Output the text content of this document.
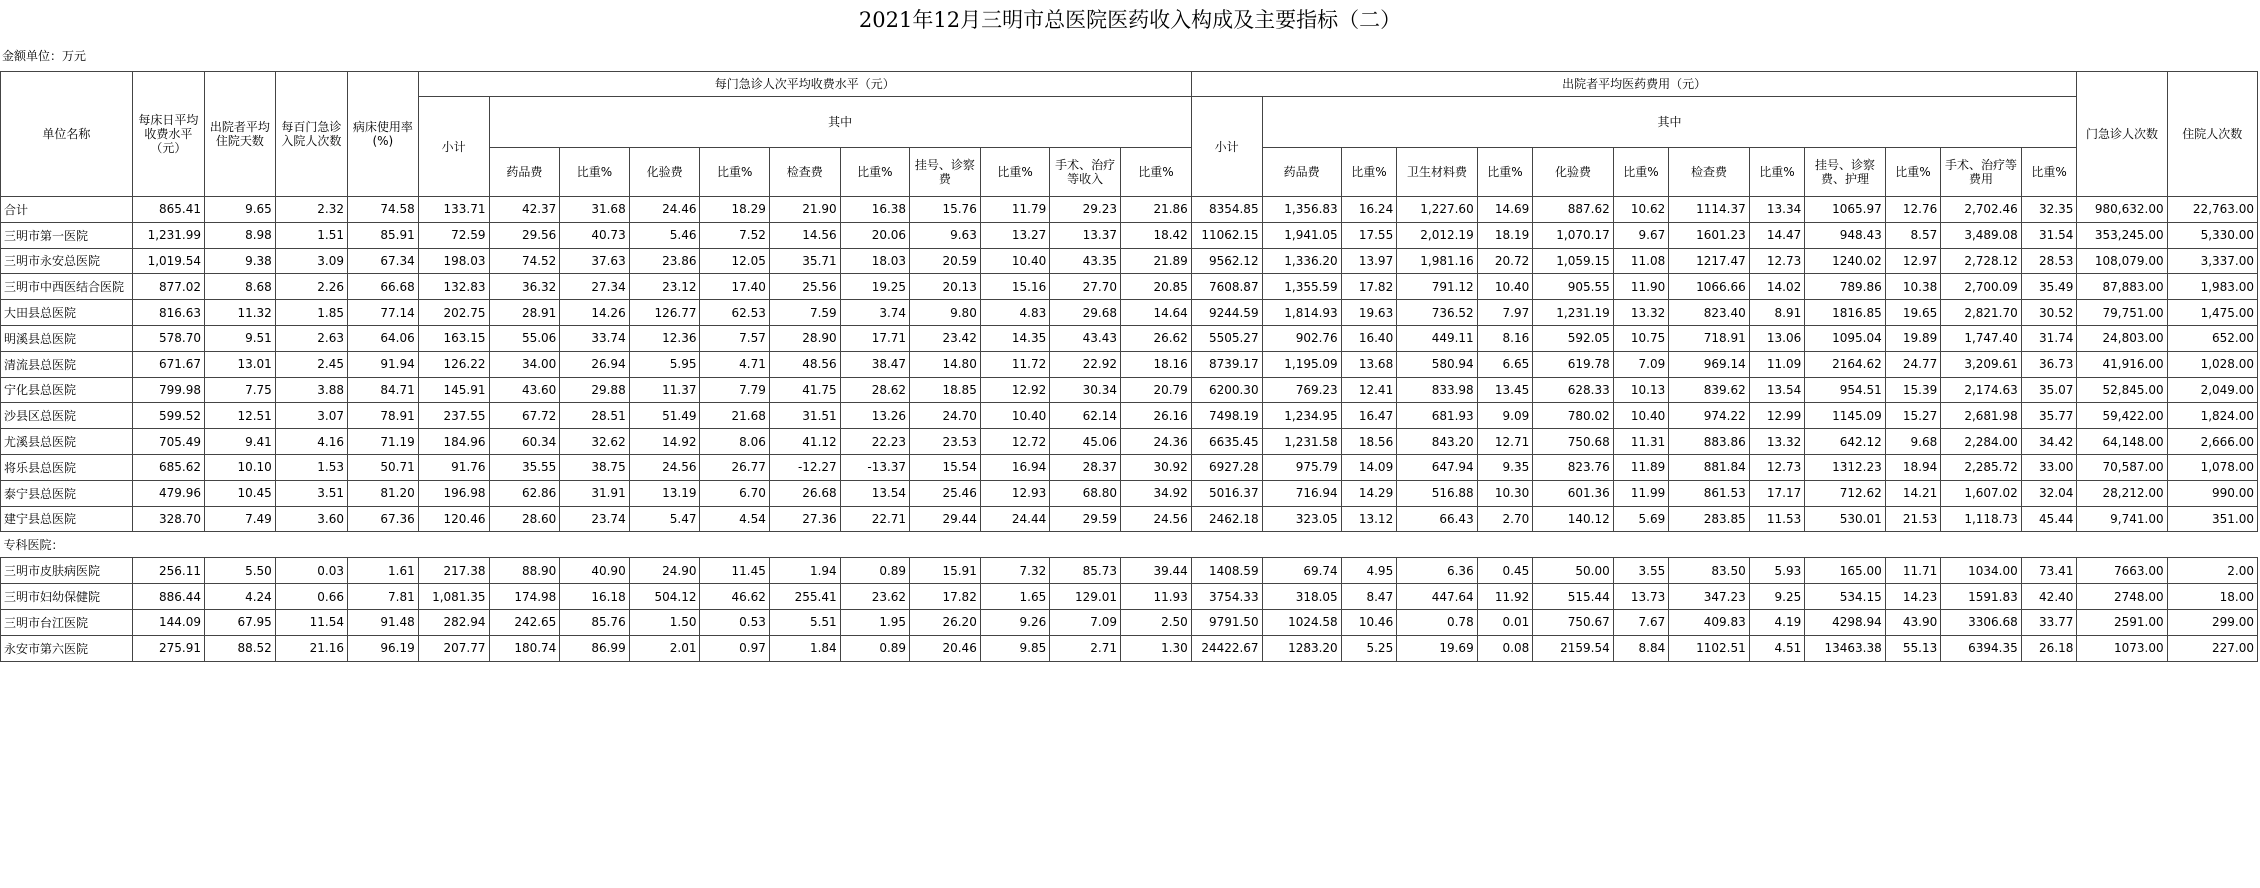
2021年12月三明市总医院医药收入构成及主要指标（二）
金额单位：万元
单位名称	每床日平均收费水平（元）	出院者平均住院天数	每百门急诊入院人次数	病床使用率(%)	每门急诊人次平均收费水平（元）											出院者平均医药费用（元）													门急诊人次数	住院人次数
					小计	其中										小计	其中													
						药品费	比重%	化验费	比重%	检查费	比重%	挂号、诊察费	比重%	手术、治疗等收入	比重%		药品费	比重%	卫生材料费	比重%	化验费	比重%	检查费	比重%	挂号、诊察费、护理	比重%	手术、治疗等费用	比重%		
合计	865.41	9.65	2.32	74.58	133.71	42.37	31.68	24.46	18.29	21.90	16.38	15.76	11.79	29.23	21.86	8354.85	1,356.83	16.24	1,227.60	14.69	887.62	10.62	1114.37	13.34	1065.97	12.76	2,702.46	32.35	980,632.00	22,763.00
三明市第一医院	1,231.99	8.98	1.51	85.91	72.59	29.56	40.73	5.46	7.52	14.56	20.06	9.63	13.27	13.37	18.42	11062.15	1,941.05	17.55	2,012.19	18.19	1,070.17	9.67	1601.23	14.47	948.43	8.57	3,489.08	31.54	353,245.00	5,330.00
三明市永安总医院	1,019.54	9.38	3.09	67.34	198.03	74.52	37.63	23.86	12.05	35.71	18.03	20.59	10.40	43.35	21.89	9562.12	1,336.20	13.97	1,981.16	20.72	1,059.15	11.08	1217.47	12.73	1240.02	12.97	2,728.12	28.53	108,079.00	3,337.00
三明市中西医结合医院	877.02	8.68	2.26	66.68	132.83	36.32	27.34	23.12	17.40	25.56	19.25	20.13	15.16	27.70	20.85	7608.87	1,355.59	17.82	791.12	10.40	905.55	11.90	1066.66	14.02	789.86	10.38	2,700.09	35.49	87,883.00	1,983.00
大田县总医院	816.63	11.32	1.85	77.14	202.75	28.91	14.26	126.77	62.53	7.59	3.74	9.80	4.83	29.68	14.64	9244.59	1,814.93	19.63	736.52	7.97	1,231.19	13.32	823.40	8.91	1816.85	19.65	2,821.70	30.52	79,751.00	1,475.00
明溪县总医院	578.70	9.51	2.63	64.06	163.15	55.06	33.74	12.36	7.57	28.90	17.71	23.42	14.35	43.43	26.62	5505.27	902.76	16.40	449.11	8.16	592.05	10.75	718.91	13.06	1095.04	19.89	1,747.40	31.74	24,803.00	652.00
清流县总医院	671.67	13.01	2.45	91.94	126.22	34.00	26.94	5.95	4.71	48.56	38.47	14.80	11.72	22.92	18.16	8739.17	1,195.09	13.68	580.94	6.65	619.78	7.09	969.14	11.09	2164.62	24.77	3,209.61	36.73	41,916.00	1,028.00
宁化县总医院	799.98	7.75	3.88	84.71	145.91	43.60	29.88	11.37	7.79	41.75	28.62	18.85	12.92	30.34	20.79	6200.30	769.23	12.41	833.98	13.45	628.33	10.13	839.62	13.54	954.51	15.39	2,174.63	35.07	52,845.00	2,049.00
沙县区总医院	599.52	12.51	3.07	78.91	237.55	67.72	28.51	51.49	21.68	31.51	13.26	24.70	10.40	62.14	26.16	7498.19	1,234.95	16.47	681.93	9.09	780.02	10.40	974.22	12.99	1145.09	15.27	2,681.98	35.77	59,422.00	1,824.00
尤溪县总医院	705.49	9.41	4.16	71.19	184.96	60.34	32.62	14.92	8.06	41.12	22.23	23.53	12.72	45.06	24.36	6635.45	1,231.58	18.56	843.20	12.71	750.68	11.31	883.86	13.32	642.12	9.68	2,284.00	34.42	64,148.00	2,666.00
将乐县总医院	685.62	10.10	1.53	50.71	91.76	35.55	38.75	24.56	26.77	-12.27	-13.37	15.54	16.94	28.37	30.92	6927.28	975.79	14.09	647.94	9.35	823.76	11.89	881.84	12.73	1312.23	18.94	2,285.72	33.00	70,587.00	1,078.00
泰宁县总医院	479.96	10.45	3.51	81.20	196.98	62.86	31.91	13.19	6.70	26.68	13.54	25.46	12.93	68.80	34.92	5016.37	716.94	14.29	516.88	10.30	601.36	11.99	861.53	17.17	712.62	14.21	1,607.02	32.04	28,212.00	990.00
建宁县总医院	328.70	7.49	3.60	67.36	120.46	28.60	23.74	5.47	4.54	27.36	22.71	29.44	24.44	29.59	24.56	2462.18	323.05	13.12	66.43	2.70	140.12	5.69	283.85	11.53	530.01	21.53	1,118.73	45.44	9,741.00	351.00
专科医院：																														
三明市皮肤病医院	256.11	5.50	0.03	1.61	217.38	88.90	40.90	24.90	11.45	1.94	0.89	15.91	7.32	85.73	39.44	1408.59	69.74	4.95	6.36	0.45	50.00	3.55	83.50	5.93	165.00	11.71	1034.00	73.41	7663.00	2.00
三明市妇幼保健院	886.44	4.24	0.66	7.81	1,081.35	174.98	16.18	504.12	46.62	255.41	23.62	17.82	1.65	129.01	11.93	3754.33	318.05	8.47	447.64	11.92	515.44	13.73	347.23	9.25	534.15	14.23	1591.83	42.40	2748.00	18.00
三明市台江医院	144.09	67.95	11.54	91.48	282.94	242.65	85.76	1.50	0.53	5.51	1.95	26.20	9.26	7.09	2.50	9791.50	1024.58	10.46	0.78	0.01	750.67	7.67	409.83	4.19	4298.94	43.90	3306.68	33.77	2591.00	299.00
永安市第六医院	275.91	88.52	21.16	96.19	207.77	180.74	86.99	2.01	0.97	1.84	0.89	20.46	9.85	2.71	1.30	24422.67	1283.20	5.25	19.69	0.08	2159.54	8.84	1102.51	4.51	13463.38	55.13	6394.35	26.18	1073.00	227.00
